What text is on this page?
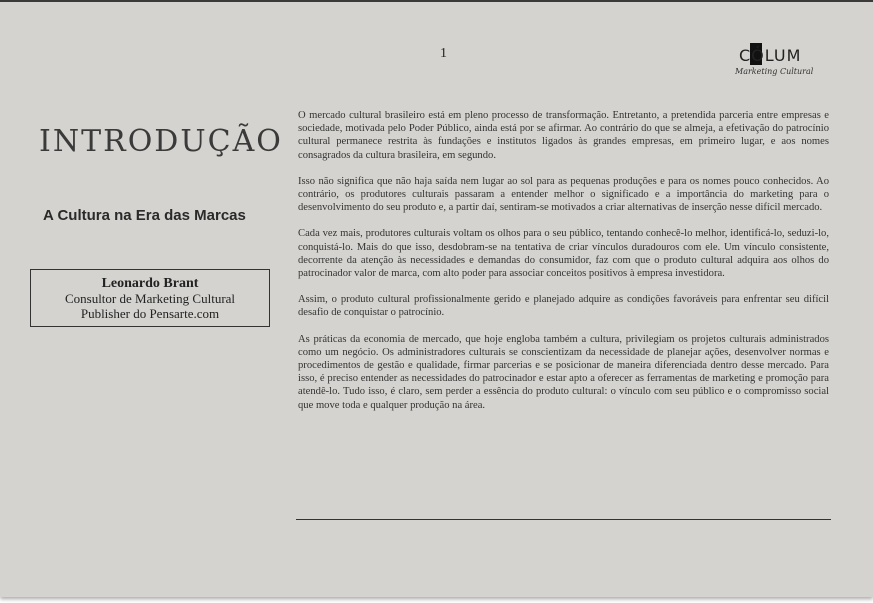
1	CÓLUM
Marketing Cultural
INTRODUÇÃO
A Cultura na Era das Marcas
Leonardo Brant
Consultor de Marketing Cultural
Publisher do Pensarte.com

O mercado cultural brasileiro está em pleno processo de transformação. Entretanto, a pretendida parceria entre empresas e sociedade, motivada pelo Poder Público, ainda está por se afirmar. Ao contrário do que se almeja, a efetivação do patrocínio cultural permanece restrita às fundações e institutos ligados às grandes empresas, em primeiro lugar, e aos nomes consagrados da cultura brasileira, em segundo.

Isso não significa que não haja saída nem lugar ao sol para as pequenas produções e para os nomes pouco conhecidos. Ao contrário, os produtores culturais passaram a entender melhor o significado e a importância do marketing para o desenvolvimento do seu produto e, a partir daí, sentiram-se motivados a criar alternativas de inserção nesse difícil mercado.

Cada vez mais, produtores culturais voltam os olhos para o seu público, tentando conhecê-lo melhor, identificá-lo, seduzi-lo, conquistá-lo. Mais do que isso, desdobram-se na tentativa de criar vínculos duradouros com ele. Um vínculo consistente, decorrente da atenção às necessidades e demandas do consumidor, faz com que o produto cultural adquira aos olhos do patrocinador valor de marca, com alto poder para associar conceitos positivos à empresa investidora.

Assim, o produto cultural profissionalmente gerido e planejado adquire as condições favoráveis para enfrentar seu difícil desafio de conquistar o patrocínio.

As práticas da economia de mercado, que hoje engloba também a cultura, privilegiam os projetos culturais administrados como um negócio. Os administradores culturais se conscientizam da necessidade de planejar ações, desenvolver normas e procedimentos de gestão e qualidade, firmar parcerias e se posicionar de maneira diferenciada dentro desse mercado. Para isso, é preciso entender as necessidades do patrocinador e estar apto a oferecer as ferramentas de marketing e promoção para atendê-lo. Tudo isso, é claro, sem perder a essência do produto cultural: o vínculo com seu público e o compromisso social que move toda e qualquer produção na área.
